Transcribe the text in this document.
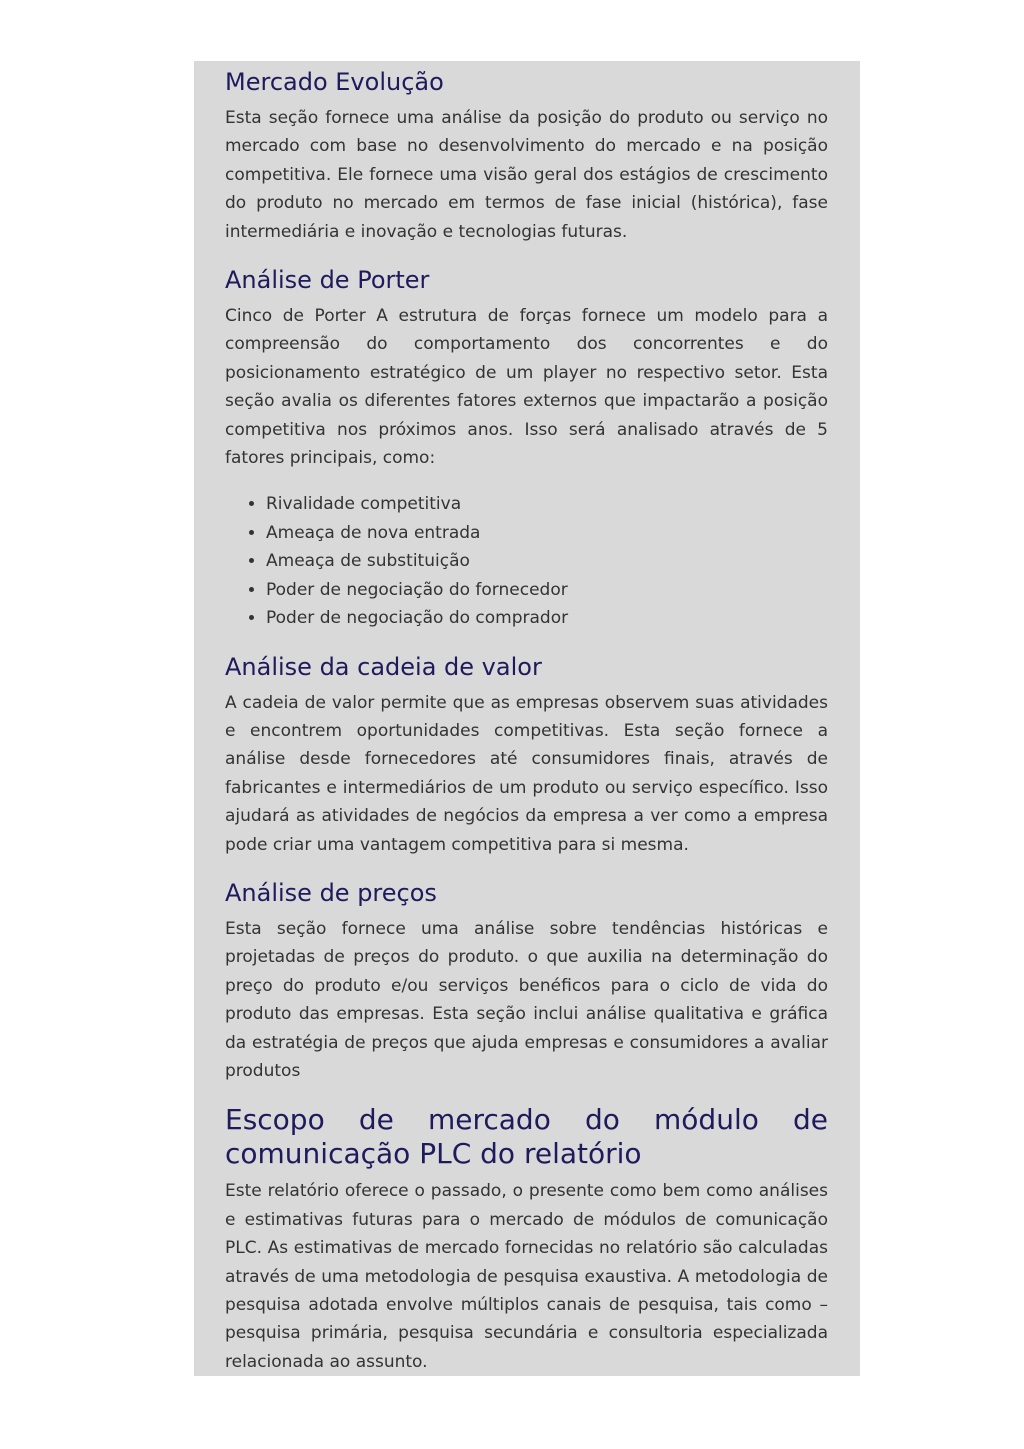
Mercado Evolução

Esta seção fornece uma análise da posição do produto ou serviço no mercado com base no desenvolvimento do mercado e na posição competitiva. Ele fornece uma visão geral dos estágios de crescimento do produto no mercado em termos de fase inicial (histórica), fase intermediária e inovação e tecnologias futuras.

Análise de Porter

Cinco de Porter A estrutura de forças fornece um modelo para a compreensão do comportamento dos concorrentes e do posicionamento estratégico de um player no respectivo setor. Esta seção avalia os diferentes fatores externos que impactarão a posição competitiva nos próximos anos. Isso será analisado através de 5 fatores principais, como:

• Rivalidade competitiva
• Ameaça de nova entrada
• Ameaça de substituição
• Poder de negociação do fornecedor
• Poder de negociação do comprador
Análise da cadeia de valor

A cadeia de valor permite que as empresas observem suas atividades e encontrem oportunidades competitivas. Esta seção fornece a análise desde fornecedores até consumidores finais, através de fabricantes e intermediários de um produto ou serviço específico. Isso ajudará as atividades de negócios da empresa a ver como a empresa pode criar uma vantagem competitiva para si mesma.

Análise de preços

Esta seção fornece uma análise sobre tendências históricas e projetadas de preços do produto. o que auxilia na determinação do preço do produto e/ou serviços benéficos para o ciclo de vida do produto das empresas. Esta seção inclui análise qualitativa e gráfica da estratégia de preços que ajuda empresas e consumidores a avaliar produtos

Escopo de mercado do módulo de comunicação PLC do relatório

Este relatório oferece o passado, o presente como bem como análises e estimativas futuras para o mercado de módulos de comunicação PLC. As estimativas de mercado fornecidas no relatório são calculadas através de uma metodologia de pesquisa exaustiva. A metodologia de pesquisa adotada envolve múltiplos canais de pesquisa, tais como – pesquisa primária, pesquisa secundária e consultoria especializada relacionada ao assunto.
